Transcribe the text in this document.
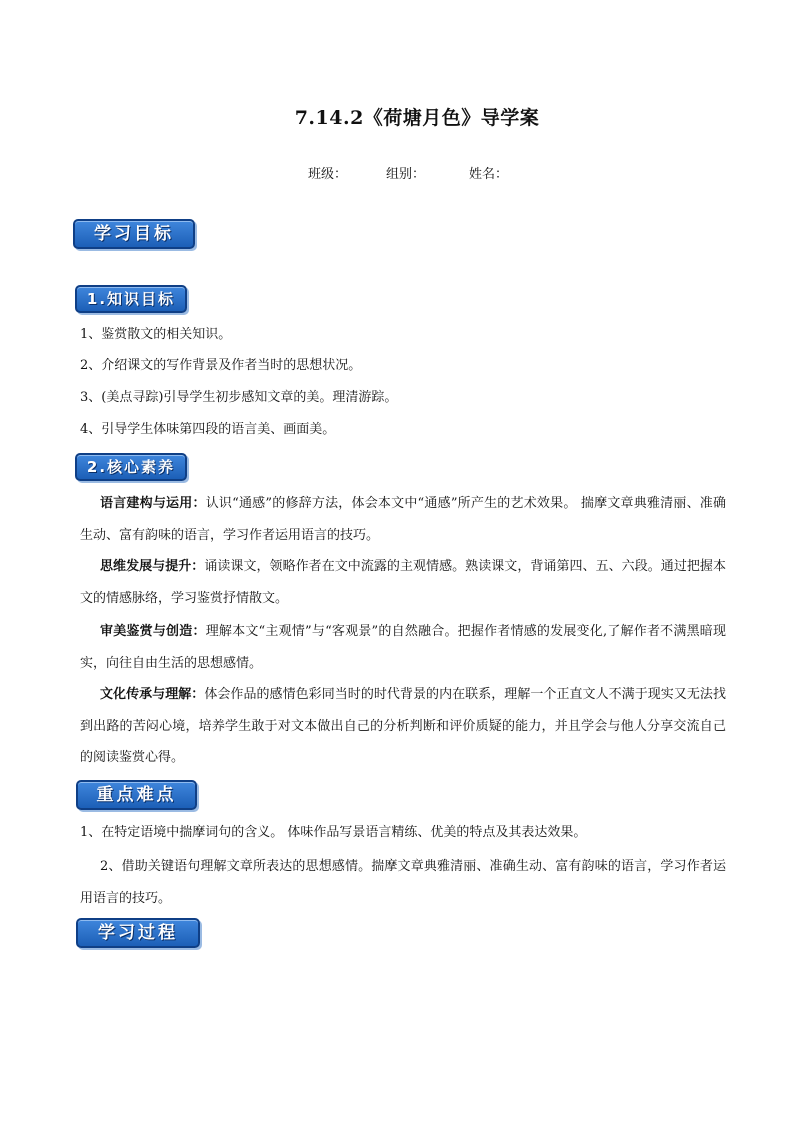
7.14.2《荷塘月色》导学案
班级：	组别：	姓名：
学习目标
1.知识目标
1、鉴赏散文的相关知识。
2、介绍课文的写作背景及作者当时的思想状况。
3、(美点寻踪)引导学生初步感知文章的美。理清游踪。
4、引导学生体味第四段的语言美、画面美。
2.核心素养
语言建构与运用：认识“通感”的修辞方法，体会本文中“通感”所产生的艺术效果。 揣摩文章典雅清丽、准确生动、富有韵味的语言，学习作者运用语言的技巧。
思维发展与提升：诵读课文，领略作者在文中流露的主观情感。熟读课文，背诵第四、五、六段。通过把握本文的情感脉络，学习鉴赏抒情散文。
审美鉴赏与创造：理解本文“主观情”与“客观景”的自然融合。把握作者情感的发展变化,了解作者不满黑暗现实，向往自由生活的思想感情。
文化传承与理解：体会作品的感情色彩同当时的时代背景的内在联系，理解一个正直文人不满于现实又无法找到出路的苦闷心境，培养学生敢于对文本做出自己的分析判断和评价质疑的能力，并且学会与他人分享交流自己的阅读鉴赏心得。
重点难点
1、在特定语境中揣摩词句的含义。 体味作品写景语言精练、优美的特点及其表达效果。
2、借助关键语句理解文章所表达的思想感情。揣摩文章典雅清丽、准确生动、富有韵味的语言，学习作者运用语言的技巧。
学习过程
